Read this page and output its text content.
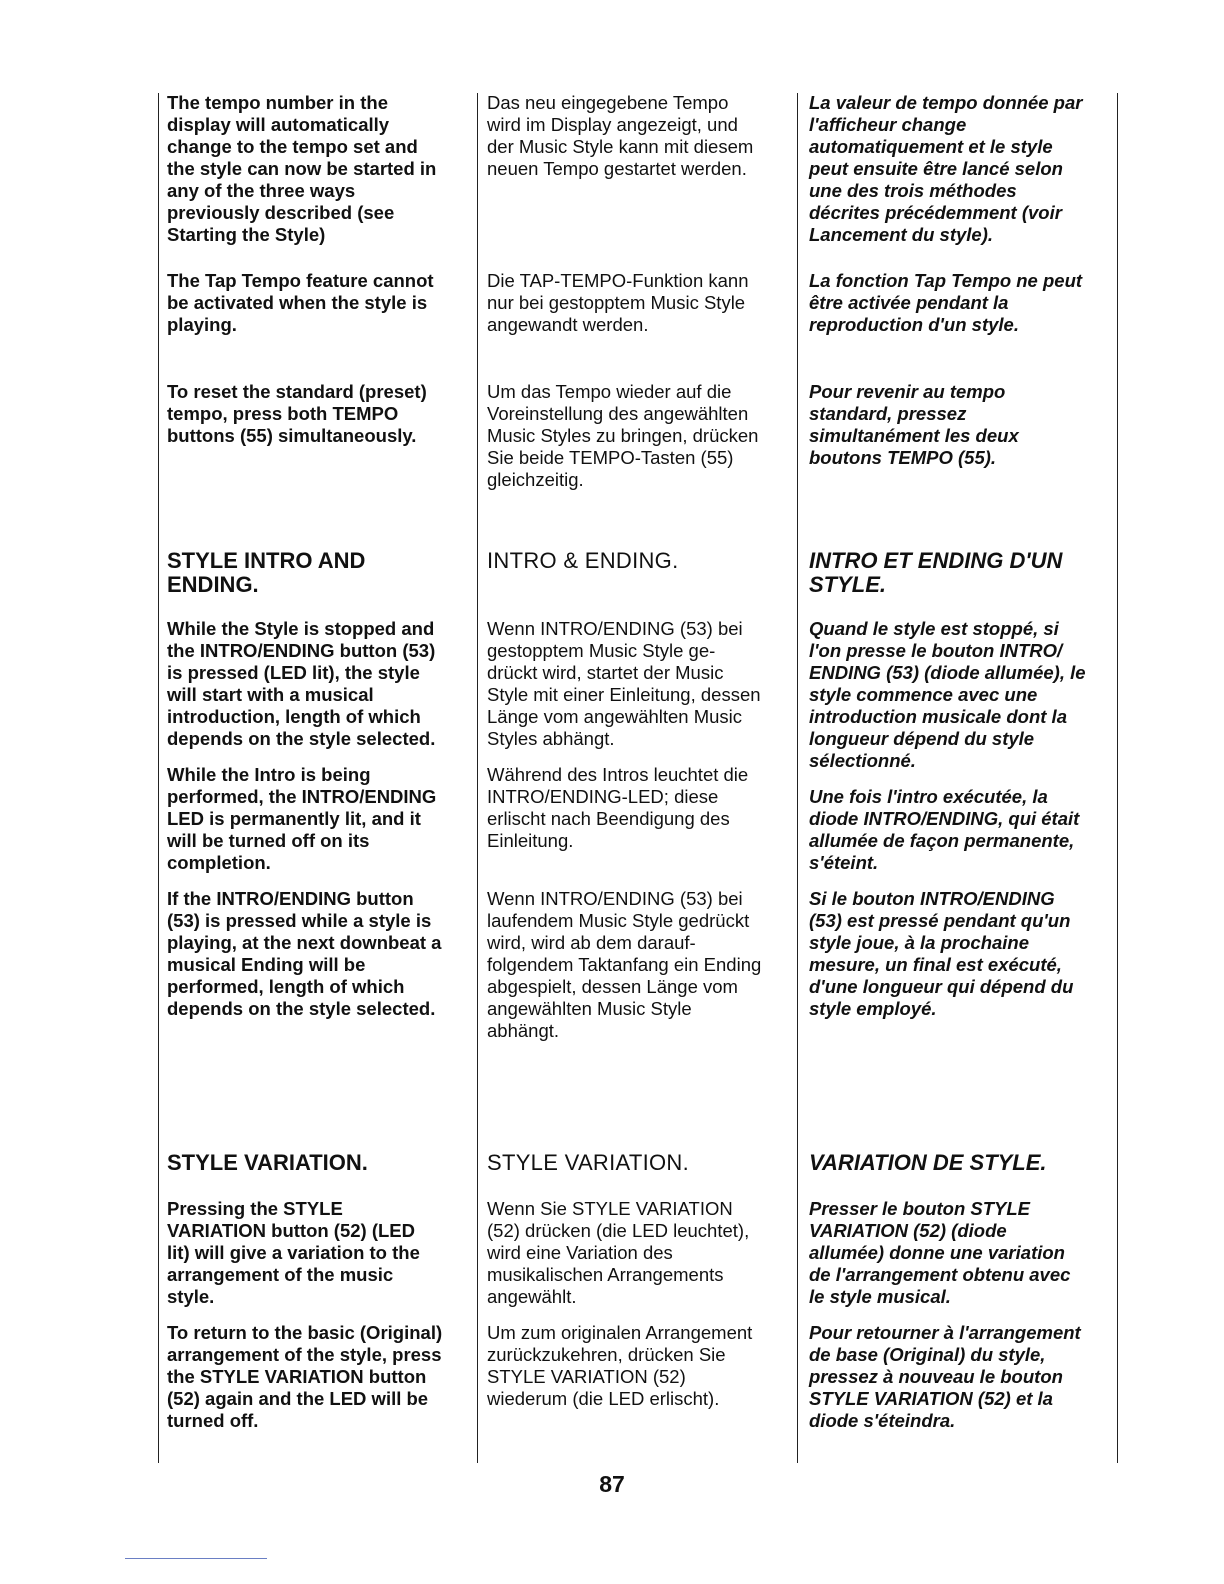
The tempo number in the
display will automatically
change to the tempo set and
the style can now be started in
any of the three ways
previously described (see
Starting the Style)

The Tap Tempo feature cannot
be activated when the style is
playing.

To reset the standard (preset)
tempo, press both TEMPO
buttons (55) simultaneously.

STYLE INTRO AND
ENDING.

While the Style is stopped and
the INTRO/ENDING button (53)
is pressed (LED lit), the style
will start with a musical
introduction, length of which
depends on the style selected.

While the Intro is being
performed, the INTRO/ENDING
LED is permanently lit, and it
will be turned off on its
completion.

If the INTRO/ENDING button
(53) is pressed while a style is
playing, at the next downbeat a
musical Ending will be
performed, length of which
depends on the style selected.

STYLE VARIATION.

Pressing the STYLE
VARIATION button (52) (LED
lit) will give a variation to the
arrangement of the music
style.

To return to the basic (Original)
arrangement of the style, press
the STYLE VARIATION button
(52) again and the LED will be
turned off.

Das neu eingegebene Tempo
wird im Display angezeigt, und
der Music Style kann mit diesem
neuen Tempo gestartet werden.

Die TAP-TEMPO-Funktion kann
nur bei gestopptem Music Style
angewandt werden.

Um das Tempo wieder auf die
Voreinstellung des angewählten
Music Styles zu bringen, drücken
Sie beide TEMPO-Tasten (55)
gleichzeitig.

INTRO & ENDING.

Wenn INTRO/ENDING (53) bei
gestopptem Music Style ge-
drückt wird, startet der Music
Style mit einer Einleitung, dessen
Länge vom angewählten Music
Styles abhängt.

Während des Intros leuchtet die
INTRO/ENDING-LED; diese
erlischt nach Beendigung des
Einleitung.

Wenn INTRO/ENDING (53) bei
laufendem Music Style gedrückt
wird, wird ab dem darauf-
folgendem Taktanfang ein Ending
abgespielt, dessen Länge vom
angewählten Music Style
abhängt.

STYLE VARIATION.

Wenn Sie STYLE VARIATION
(52) drücken (die LED leuchtet),
wird eine Variation des
musikalischen Arrangements
angewählt.

Um zum originalen Arrangement
zurückzukehren, drücken Sie
STYLE VARIATION (52)
wiederum (die LED erlischt).

La valeur de tempo donnée par
l'afficheur change
automatiquement et le style
peut ensuite être lancé selon
une des trois méthodes
décrites précédemment (voir
Lancement du style).

La fonction Tap Tempo ne peut
être activée pendant la
reproduction d'un style.

Pour revenir au tempo
standard, pressez
simultanément les deux
boutons TEMPO (55).

INTRO ET ENDING D'UN
STYLE.

Quand le style est stoppé, si
l'on presse le bouton INTRO/
ENDING (53) (diode allumée), le
style commence avec une
introduction musicale dont la
longueur dépend du style
sélectionné.

Une fois l'intro exécutée, la
diode INTRO/ENDING, qui était
allumée de façon permanente,
s'éteint.

Si le bouton INTRO/ENDING
(53) est pressé pendant qu'un
style joue, à la prochaine
mesure, un final est exécuté,
d'une longueur qui dépend du
style employé.

VARIATION DE STYLE.

Presser le bouton STYLE
VARIATION (52) (diode
allumée) donne une variation
de l'arrangement obtenu avec
le style musical.

Pour retourner à l'arrangement
de base (Original) du style,
pressez à nouveau le bouton
STYLE VARIATION (52) et la
diode s'éteindra.

87
